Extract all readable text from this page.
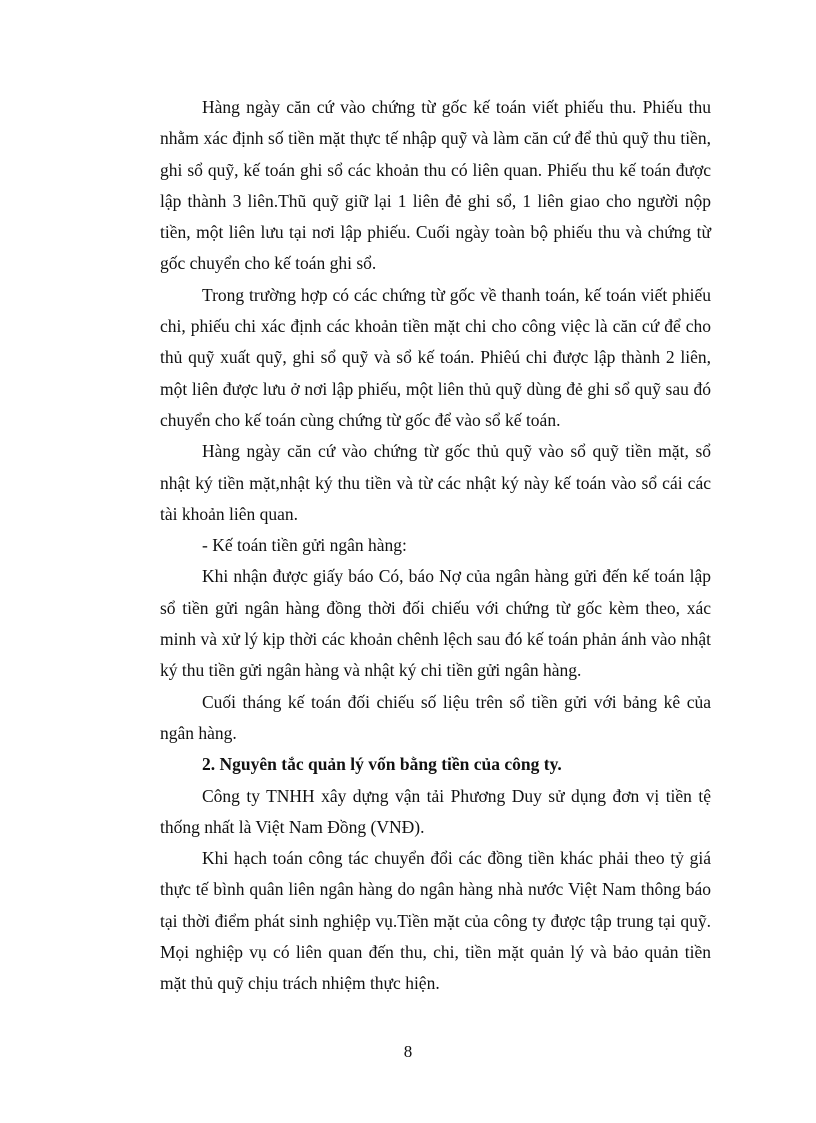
Hàng ngày căn cứ vào chứng từ gốc kế toán viết phiếu thu. Phiếu thu nhằm xác định số tiền mặt thực tế nhập quỹ và làm căn cứ để thủ quỹ thu tiền, ghi sổ quỹ, kế toán ghi sổ các khoản thu có liên quan. Phiếu thu kế toán được lập thành 3 liên.Thũ quỹ giữ lại 1 liên đẻ ghi sổ, 1 liên giao cho người nộp tiền, một liên lưu tại nơi lập phiếu. Cuối ngày toàn bộ phiếu thu và chứng từ gốc chuyển cho kế toán ghi sổ.

Trong trường hợp có các chứng từ gốc về thanh toán, kế toán viết phiếu chi, phiếu chi xác định các khoản tiền mặt chi cho công việc là căn cứ để cho thủ quỹ xuất quỹ, ghi sổ quỹ và sổ kế toán. Phiêú chi được lập thành 2 liên, một liên được lưu ở nơi lập phiếu, một liên thủ quỹ dùng đẻ ghi sổ quỹ sau đó chuyển cho kế toán cùng chứng từ gốc để vào sổ kế toán.

Hàng ngày căn cứ vào chứng từ gốc thủ quỹ vào sổ quỹ tiền mặt, sổ nhật ký tiền mặt,nhật ký thu tiền và từ các nhật ký này kế toán vào sổ cái các tài khoản liên quan.

- Kế toán tiền gửi ngân hàng:

Khi nhận được giấy báo Có, báo Nợ của ngân hàng gửi đến kế toán lập sổ tiền gửi ngân hàng đồng thời đối chiếu với chứng từ gốc kèm theo, xác minh và xử lý kịp thời các khoản chênh lệch sau đó kế toán phản ánh vào nhật ký thu tiền gửi ngân hàng và nhật ký chi tiền gửi ngân hàng.

Cuối tháng kế toán đối chiếu số liệu trên sổ tiền gửi với bảng kê của ngân hàng.

2. Nguyên tắc quản lý vốn bằng tiền của công ty.

Công ty TNHH xây dựng vận tải Phương Duy sử dụng đơn vị tiền tệ thống nhất là Việt Nam Đồng (VNĐ).

Khi hạch toán công tác chuyển đổi các đồng tiền khác phải theo tỷ giá thực tế bình quân liên ngân hàng do ngân hàng nhà nước Việt Nam thông báo tại thời điểm phát sinh nghiệp vụ.Tiền mặt của công ty được tập trung tại quỹ. Mọi nghiệp vụ có liên quan đến thu, chi, tiền mặt quản lý và bảo quản tiền mặt thủ quỹ chịu trách nhiệm thực hiện.

8
